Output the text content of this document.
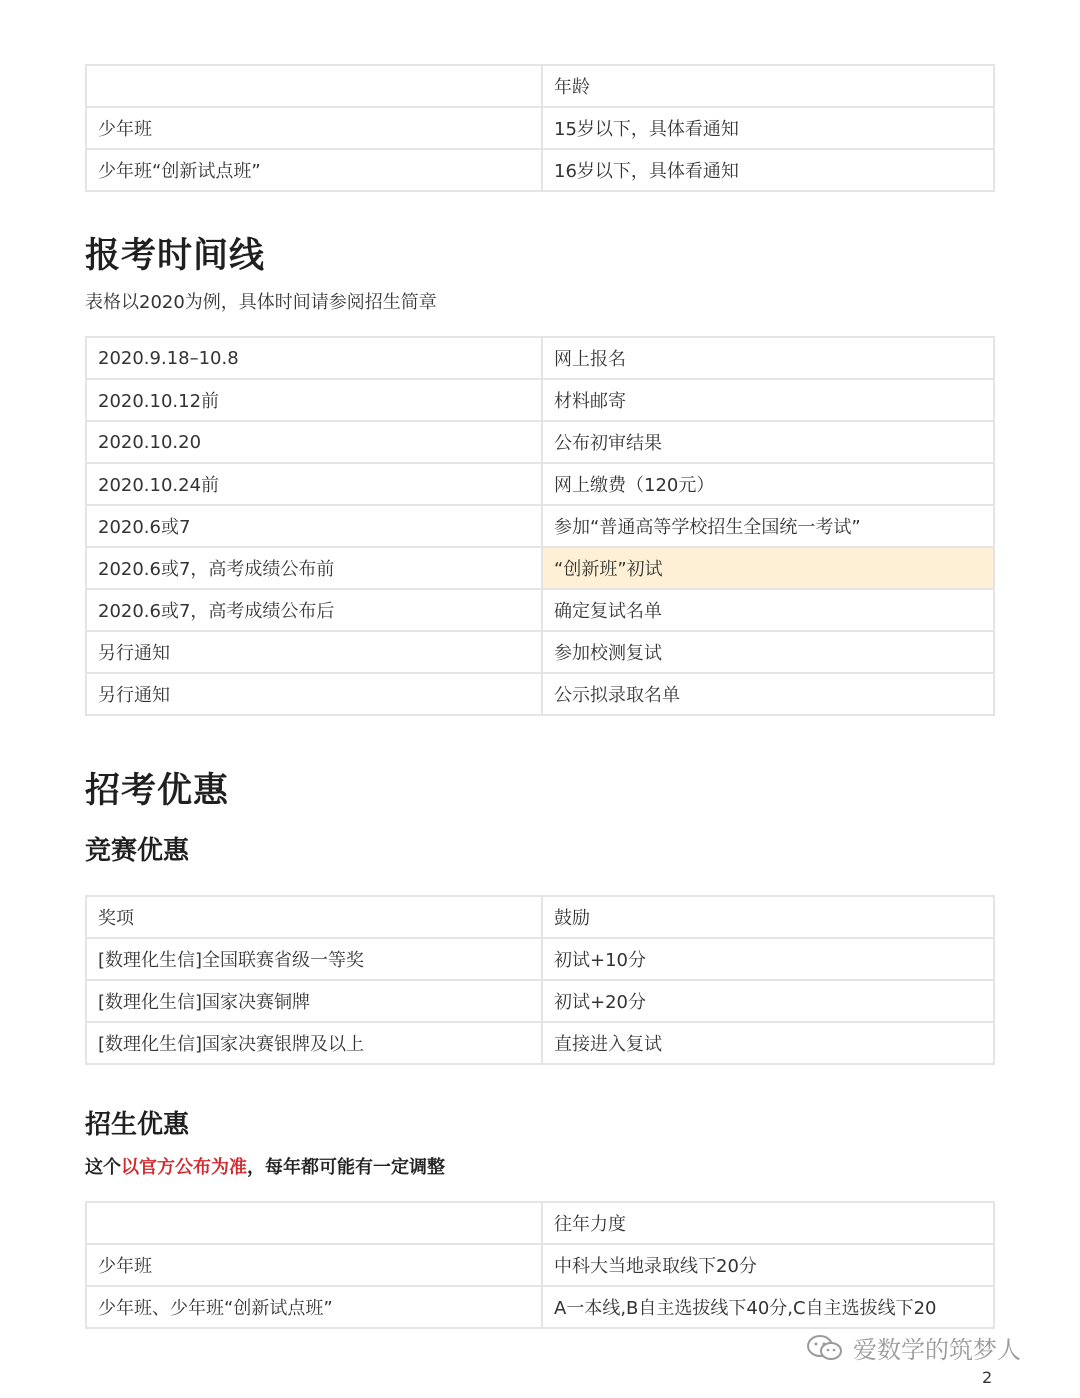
	年龄
少年班	15岁以下，具体看通知
少年班“创新试点班”	16岁以下，具体看通知
报考时间线

表格以2020为例，具体时间请参阅招生简章

2020.9.18–10.8	网上报名
2020.10.12前	材料邮寄
2020.10.20	公布初审结果
2020.10.24前	网上缴费（120元）
2020.6或7	参加“普通高等学校招生全国统一考试”
2020.6或7，高考成绩公布前	“创新班”初试
2020.6或7，高考成绩公布后	确定复试名单
另行通知	参加校测复试
另行通知	公示拟录取名单
招考优惠
竞赛优惠
奖项	鼓励
[数理化生信]全国联赛省级一等奖	初试+10分
[数理化生信]国家决赛铜牌	初试+20分
[数理化生信]国家决赛银牌及以上	直接进入复试
招生优惠

这个以官方公布为准，每年都可能有一定调整

	往年力度
少年班	中科大当地录取线下20分
少年班、少年班“创新试点班”	A一本线,B自主选拔线下40分,C自主选拔线下20
爱数学的筑梦人
2
